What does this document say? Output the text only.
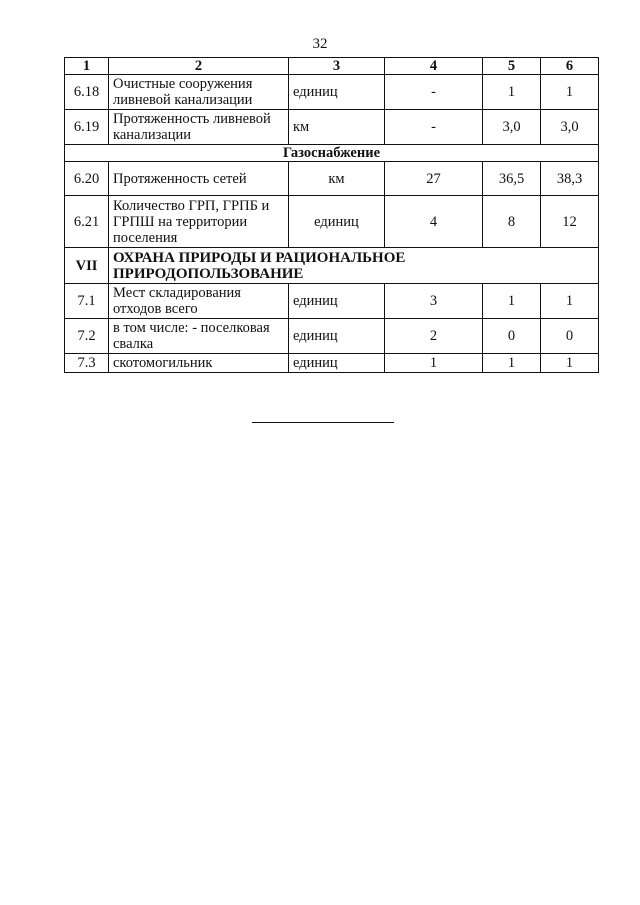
32
1	2	3	4	5	6
6.18	Очистные сооружения ливневой канализации	единиц	-	1	1
6.19	Протяженность ливневой канализации	км	-	3,0	3,0
Газоснабжение					
6.20	Протяженность сетей	км	27	36,5	38,3
6.21	Количество ГРП, ГРПБ и ГРПШ на территории поселения	единиц	4	8	12
VII	ОХРАНА ПРИРОДЫ И РАЦИОНАЛЬНОЕ ПРИРОДОПОЛЬЗОВАНИЕ				
7.1	Мест складирования отходов всего	единиц	3	1	1
7.2	в том числе: - поселковая свалка	единиц	2	0	0
7.3	скотомогильник	единиц	1	1	1
